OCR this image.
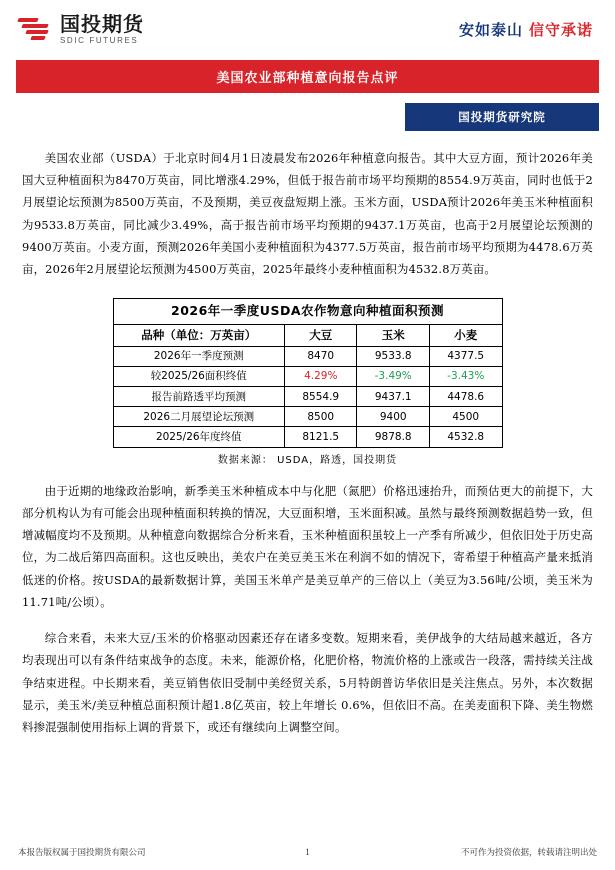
国投期货
SDIC FUTURES
安如泰山 信守承诺
美国农业部种植意向报告点评
国投期货研究院

美国农业部（USDA）于北京时间4月1日凌晨发布2026年种植意向报告。其中大豆方面，预计2026年美国大豆种植面积为8470万英亩，同比增涨4.29%，但低于报告前市场平均预期的8554.9万英亩，同时也低于2月展望论坛预测为8500万英亩，不及预期，美豆夜盘短期上涨。玉米方面，USDA预计2026年美玉米种植面积为9533.8万英亩，同比减少3.49%，高于报告前市场平均预期的9437.1万英亩，也高于2月展望论坛预测的9400万英亩。小麦方面，预测2026年美国小麦种植面积为4377.5万英亩，报告前市场平均预期为4478.6万英亩，2026年2月展望论坛预测为4500万英亩，2025年最终小麦种植面积为4532.8万英亩。

2026年一季度USDA农作物意向种植面积预测			
品种（单位：万英亩）	大豆	玉米	小麦
2026年一季度预测	8470	9533.8	4377.5
较2025/26面积终值	4.29%	-3.49%	-3.43%
报告前路透平均预测	8554.9	9437.1	4478.6
2026二月展望论坛预测	8500	9400	4500
2025/26年度终值	8121.5	9878.8	4532.8
数据来源： USDA，路透，国投期货

由于近期的地缘政治影响，新季美玉米种植成本中与化肥（氮肥）价格迅速抬升，而预估更大的前提下，大部分机构认为有可能会出现种植面积转换的情况，大豆面积增，玉米面积减。虽然与最终预测数据趋势一致，但增减幅度均不及预期。从种植意向数据综合分析来看，玉米种植面积虽较上一产季有所减少，但依旧处于历史高位，为二战后第四高面积。这也反映出，美农户在美豆美玉米在利润不如的情况下，寄希望于种植高产量来抵消低迷的价格。按USDA的最新数据计算，美国玉米单产是美豆单产的三倍以上（美豆为3.56吨/公顷，美玉米为11.71吨/公顷）。

综合来看，未来大豆/玉米的价格驱动因素还存在诸多变数。短期来看，美伊战争的大结局越来越近，各方均表现出可以有条件结束战争的态度。未来，能源价格，化肥价格，物流价格的上涨或告一段落，需持续关注战争结束进程。中长期来看，美豆销售依旧受制中美经贸关系，5月特朗普访华依旧是关注焦点。另外，本次数据显示，美玉米/美豆种植总面积预计超1.8亿英亩，较上年增长 0.6%，但依旧不高。在美麦面积下降、美生物燃料掺混强制使用指标上调的背景下，或还有继续向上调整空间。

本报告版权属于国投期货有限公司	1	不可作为投资依据，转载请注明出处
